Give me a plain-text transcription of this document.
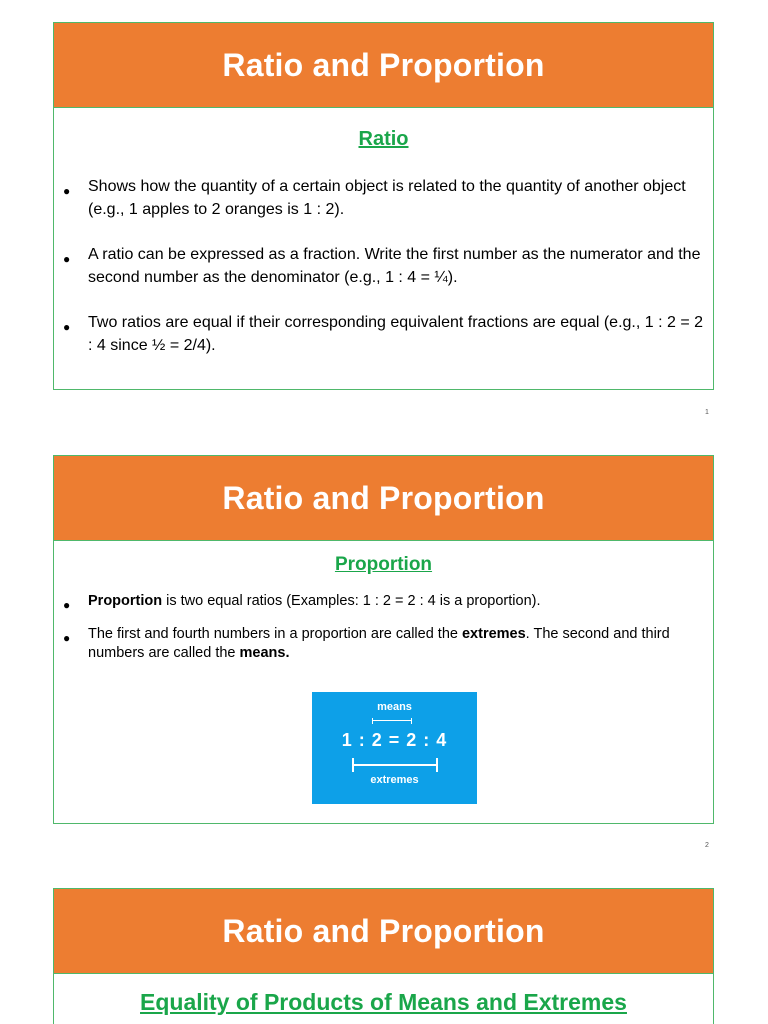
Ratio and Proportion
Ratio
● Shows how the quantity of a certain object is related to the quantity of another object (e.g., 1 apples to 2 oranges is 1 : 2).
● A ratio can be expressed as a fraction. Write the first number as the numerator and the second number as the denominator (e.g., 1 : 4 = ¼).
● Two ratios are equal if their corresponding equivalent fractions are equal (e.g., 1 : 2 = 2 : 4 since ½ = 2/4).
1
Ratio and Proportion
Proportion
● Proportion is two equal ratios (Examples: 1 : 2 = 2 : 4 is a proportion).
● The first and fourth numbers in a proportion are called the extremes. The second and third numbers are called the means.
means
1 : 2 = 2 : 4
extremes
2
Ratio and Proportion
Equality of Products of Means and Extremes
